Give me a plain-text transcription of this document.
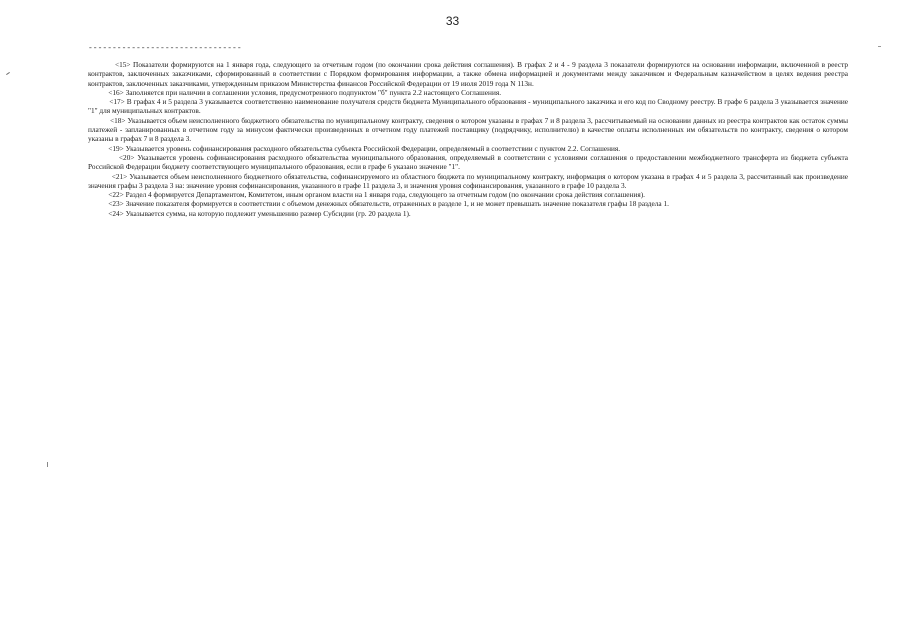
33
--------------------------------

<15> Показатели формируются на 1 января года, следующего за отчетным годом (по окончании срока действия соглашения). В графах 2 и 4 - 9 раздела 3 показатели формируются на основании информации, включенной в реестр контрактов, заключенных заказчиками, сформированный в соответствии с Порядком формирования информации, а также обмена информацией и документами между заказчиком и Федеральным казначейством в целях ведения реестра контрактов, заключенных заказчиками, утвержденным приказом Министерства финансов Российской Федерации от 19 июля 2019 года N 113н.

<16> Заполняется при наличии в соглашении условия, предусмотренного подпунктом "б" пункта 2.2 настоящего Соглашения.

<17> В графах 4 и 5 раздела 3 указывается соответственно наименование получателя средств бюджета Муниципального образования - муниципального заказчика и его код по Сводному реестру. В графе 6 раздела 3 указывается значение "1" для муниципальных контрактов.

<18> Указывается объем неисполненного бюджетного обязательства по муниципальному контракту, сведения о котором указаны в графах 7 и 8 раздела 3, рассчитываемый на основании данных из реестра контрактов как остаток суммы платежей - запланированных в отчетном году за минусом фактически произведенных в отчетном году платежей поставщику (подрядчику, исполнителю) в качестве оплаты исполненных им обязательств по контракту, сведения о котором указаны в графах 7 и 8 раздела 3.

<19> Указывается уровень софинансирования расходного обязательства субъекта Российской Федерации, определяемый в соответствии с пунктом 2.2. Соглашения.

<20> Указывается уровень софинансирования расходного обязательства муниципального образования, определяемый в соответствии с условиями соглашения о предоставлении межбюджетного трансферта из бюджета субъекта Российской Федерации бюджету соответствующего муниципального образования, если в графе 6 указано значение "1".

<21> Указывается объем неисполненного бюджетного обязательства, софинансируемого из областного бюджета по муниципальному контракту, информация о котором указана в графах 4 и 5 раздела 3, рассчитанный как произведение значения графы 3 раздела 3 на: значение уровня софинансирования, указанного в графе 11 раздела 3, и значения уровня софинансирования, указанного в графе 10 раздела 3.

<22> Раздел 4 формируется Департаментом, Комитетом, иным органом власти на 1 января года, следующего за отчетным годом (по окончании срока действия соглашения).

<23> Значение показателя формируется в соответствии с объемом денежных обязательств, отраженных в разделе 1, и не может превышать значение показателя графы 18 раздела 1.

<24> Указывается сумма, на которую подлежит уменьшению размер Субсидии (гр. 20 раздела 1).
